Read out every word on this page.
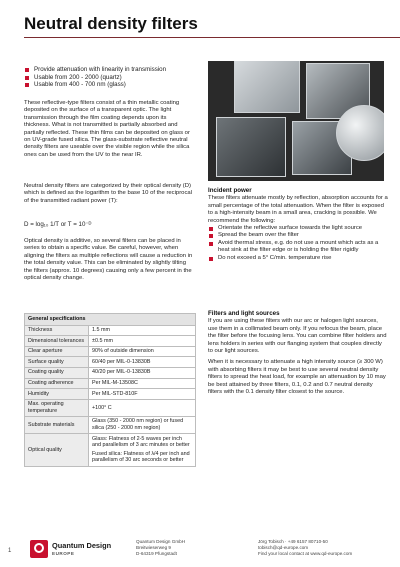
Neutral density filters
Provide attenuation with linearity in transmission
Usable from 200 - 2000 (quartz)
Usable from 400 - 700 nm (glass)

These reflective-type filters consist of a thin metallic coating deposited on the surface of a transparent optic. The light transmission through the film coating depends upon its thickness. What is not transmitted is partially absorbed and partially reflected. These thin films can be deposited on glass or on UV-grade fused silica. The glass-substrate reflective neutral density filters are useable over the visible region while the silica ones can be used from the UV to the near IR.

Neutral density filters are categorized by their optical density (D) which is defined as the logarithm to the base 10 of the reciprocal of the transmitted radiant power (T):

D = log₁₀ 1/T or T = 10⁻ᴰ

Optical density is additive, so several filters can be placed in series to obtain a specific value. Be careful, however, when aligning the filters as multiple reflections will cause a reduction in the total density value. This can be eliminated by slightly tilting the filters (approx. 10 degrees) causing only a few percent in the optical density change.

Incident power

These filters attenuate mostly by reflection, absorption accounts for a small percentage of the total attenuation. When the filter is exposed to a high-intensity beam in a small area, cracking is possible. We recommend the following:

Orientate the reflective surface towards the light source
Spread the beam over the filter
Avoid thermal stress, e.g. do not use a mount which acts as a heat sink at the filter edge or is holding the filter rigidly
Do not exceed a 5° C/min. temperature rise
Filters and light sources

If you are using these filters with our arc or halogen light sources, use them in a collimated beam only. If you refocus the beam, place the filter before the focusing lens. You can combine filter holders and lens holders in series with our flanging system that couples directly to our light sources.

When it is necessary to attenuate a high intensity source (≥ 300 W) with absorbing filters it may be best to use several neutral density filters to spread the heat load, for example an attenuation by 10 may be best attained by three filters, 0.1, 0.2 and 0.7 neutral density filters with the 0.1 density filter closest to the source.

General specifications	
Thickness	1.5 mm
Dimensional tolerances	±0.5 mm
Clear aperture	90% of outside dimension
Surface quality	60/40 per MIL-0-13830B
Coating quality	40/20 per MIL-0-13830B
Coating adherence	Per MIL-M-13508C
Humidity	Per MIL-STD-810F
Max. operating temperature	+100° C
Substrate materials	Glass (350 - 2000 nm region) or fused silica (250 - 2000 nm region)
Optical quality	Glass: Flatness of 2-5 waves per inch and parallelism of 3 arc minutes or better
Fused silica: Flatness of λ/4 per inch and parallelism of 30 arc seconds or better
1
Quantum Design
EUROPE
Quantum Design GmbH
Breitwieserweg 9
D-64319 Pfungstadt
Jörg Tobisch · +49 6157 80710-50
tobisch@qd-europe.com
Find your local contact at www.qd-europe.com
